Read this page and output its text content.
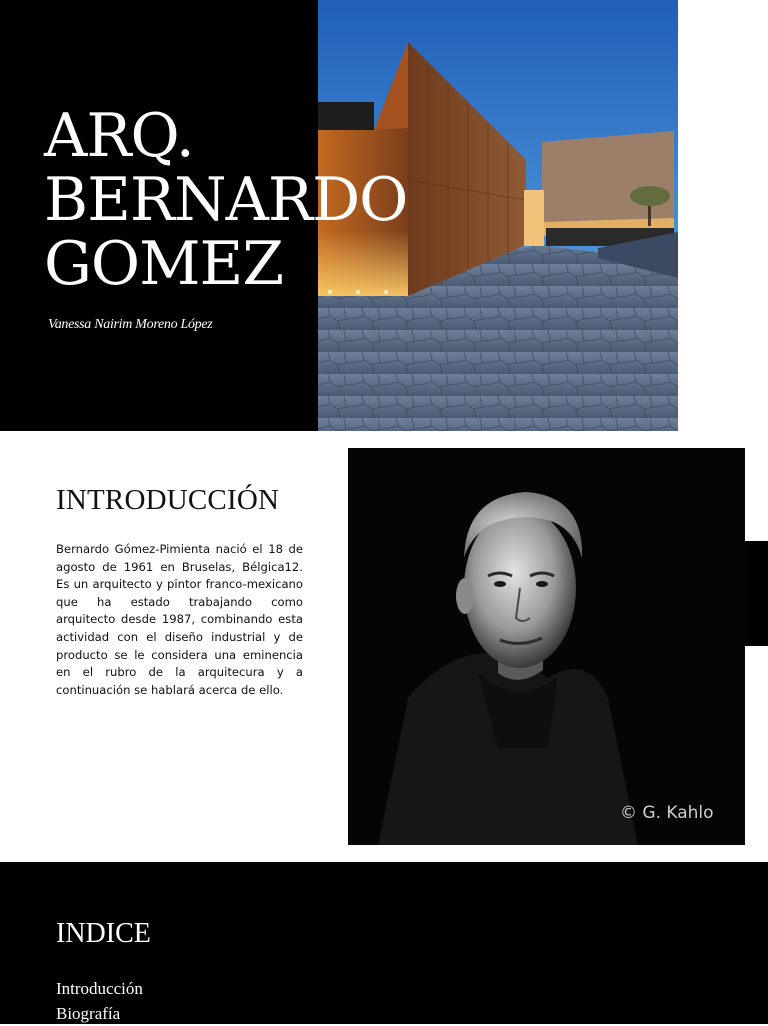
ARQ.
BERNARDO
GOMEZ
Vanessa Nairim Moreno López
INTRODUCCIÓN

Bernardo Gómez-Pimienta nació el 18 de agosto de 1961 en Bruselas, Bélgica12. Es un arquitecto y pintor franco-mexicano que ha estado trabajando como arquitecto desde 1987, combinando esta actividad con el diseño industrial y de producto se le considera una eminencia en el rubro de la arquitecura y a continuación se hablará acerca de ello.

© G. Kahlo
INDICE
Introducción
Biografía
